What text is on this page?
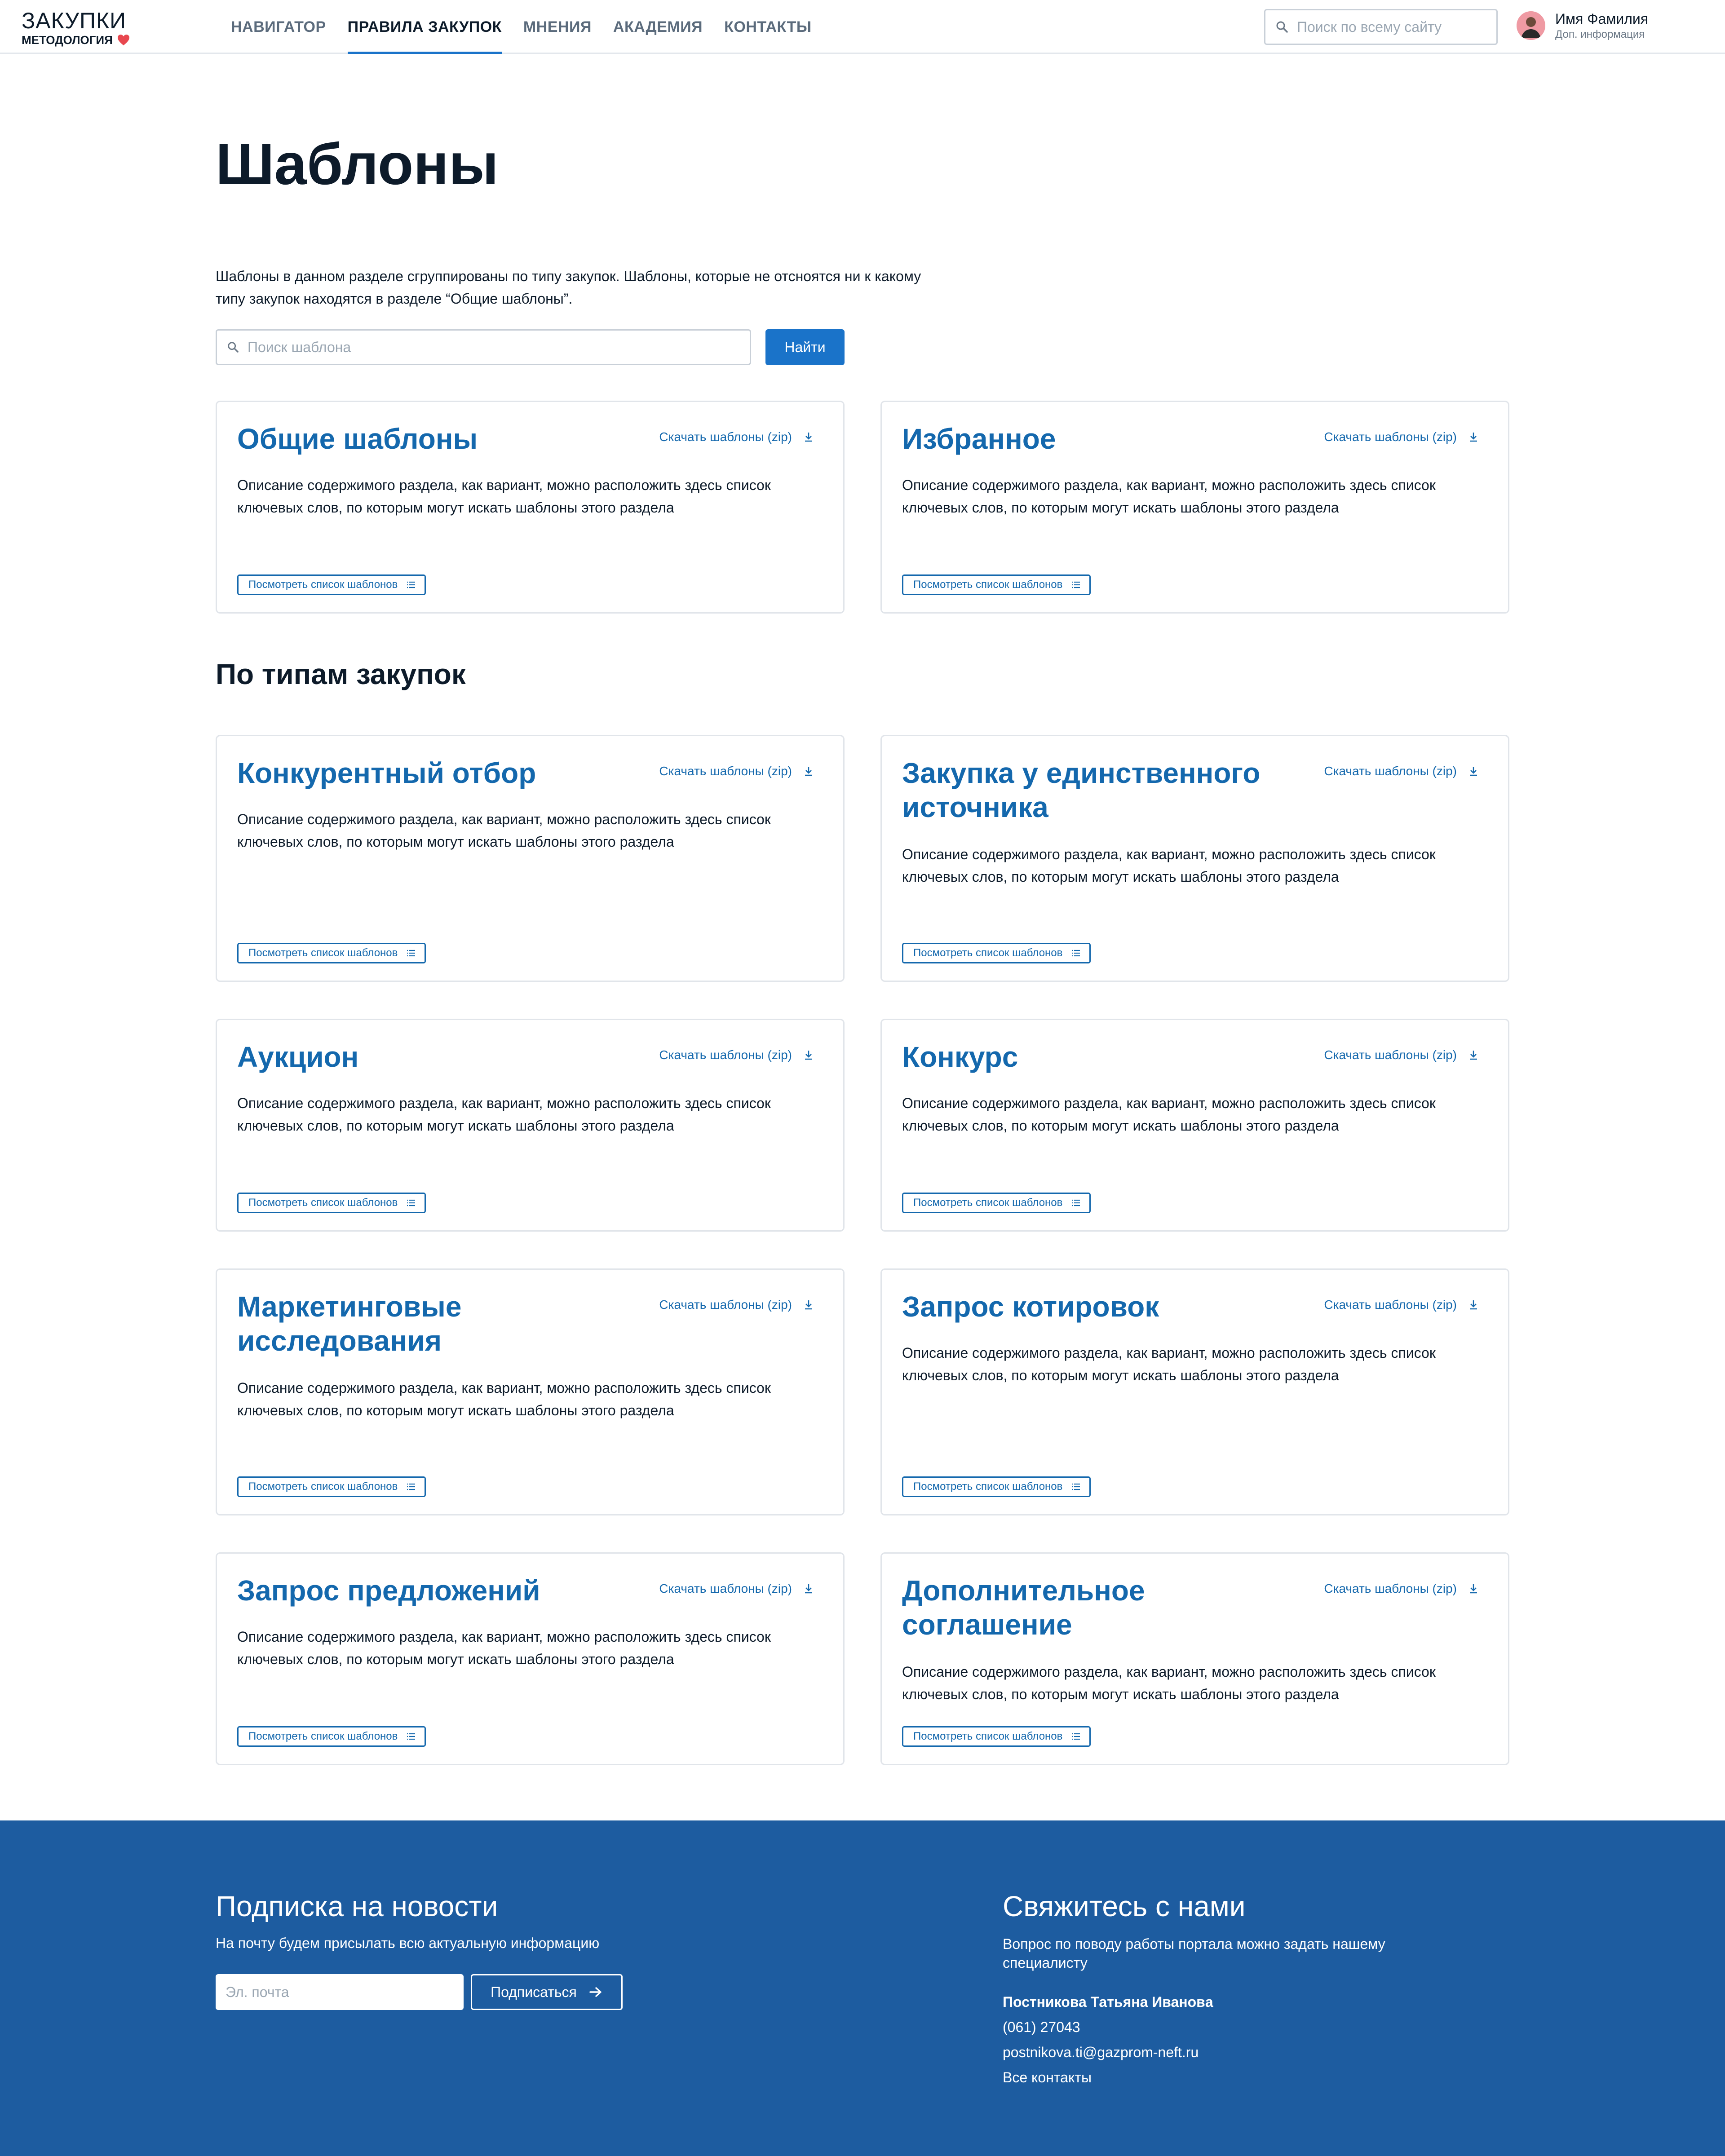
ЗАКУПКИ
МЕТОДОЛОГИЯ
НАВИГАТОР ПРАВИЛА ЗАКУПОК МНЕНИЯ АКАДЕМИЯ КОНТАКТЫ
Поиск по всему сайту	Имя Фамилия
Доп. информация
Шаблоны

Шаблоны в данном разделе сгруппированы по типу закупок. Шаблоны, которые не отсноятся ни к какому типу закупок находятся в разделе “Общие шаблоны”.

Поиск шаблона
Найти
По типам закупок
Общие шаблоны	Скачать шаблоны (zip)
Описание содержимого раздела, как вариант, можно расположить здесь список ключевых слов, по которым могут искать шаблоны этого раздела
Посмотреть список шаблонов
Избранное	Скачать шаблоны (zip)
Описание содержимого раздела, как вариант, можно расположить здесь список ключевых слов, по которым могут искать шаблоны этого раздела
Посмотреть список шаблонов
Конкурентный отбор	Скачать шаблоны (zip)
Описание содержимого раздела, как вариант, можно расположить здесь список ключевых слов, по которым могут искать шаблоны этого раздела
Посмотреть список шаблонов
Закупка у единственного источника
Скачать шаблоны (zip)
Описание содержимого раздела, как вариант, можно расположить здесь список ключевых слов, по которым могут искать шаблоны этого раздела
Посмотреть список шаблонов
Аукцион	Скачать шаблоны (zip)
Описание содержимого раздела, как вариант, можно расположить здесь список ключевых слов, по которым могут искать шаблоны этого раздела
Посмотреть список шаблонов
Конкурс	Скачать шаблоны (zip)
Описание содержимого раздела, как вариант, можно расположить здесь список ключевых слов, по которым могут искать шаблоны этого раздела
Посмотреть список шаблонов
Маркетинговые исследования
Скачать шаблоны (zip)
Описание содержимого раздела, как вариант, можно расположить здесь список ключевых слов, по которым могут искать шаблоны этого раздела
Посмотреть список шаблонов
Запрос котировок	Скачать шаблоны (zip)
Описание содержимого раздела, как вариант, можно расположить здесь список ключевых слов, по которым могут искать шаблоны этого раздела
Посмотреть список шаблонов
Запрос предложений	Скачать шаблоны (zip)
Описание содержимого раздела, как вариант, можно расположить здесь список ключевых слов, по которым могут искать шаблоны этого раздела
Посмотреть список шаблонов
Дополнительное соглашение
Скачать шаблоны (zip)
Описание содержимого раздела, как вариант, можно расположить здесь список ключевых слов, по которым могут искать шаблоны этого раздела
Посмотреть список шаблонов
Подписка на новости
На почту будем присылать всю актуальную информацию
Эл. почта
Подписаться
Свяжитесь с нами
Вопрос по поводу работы портала можно задать нашему специалисту
Постникова Татьяна Ивановa
(061) 27043
postnikova.ti@gazprom-neft.ru
Все контакты
